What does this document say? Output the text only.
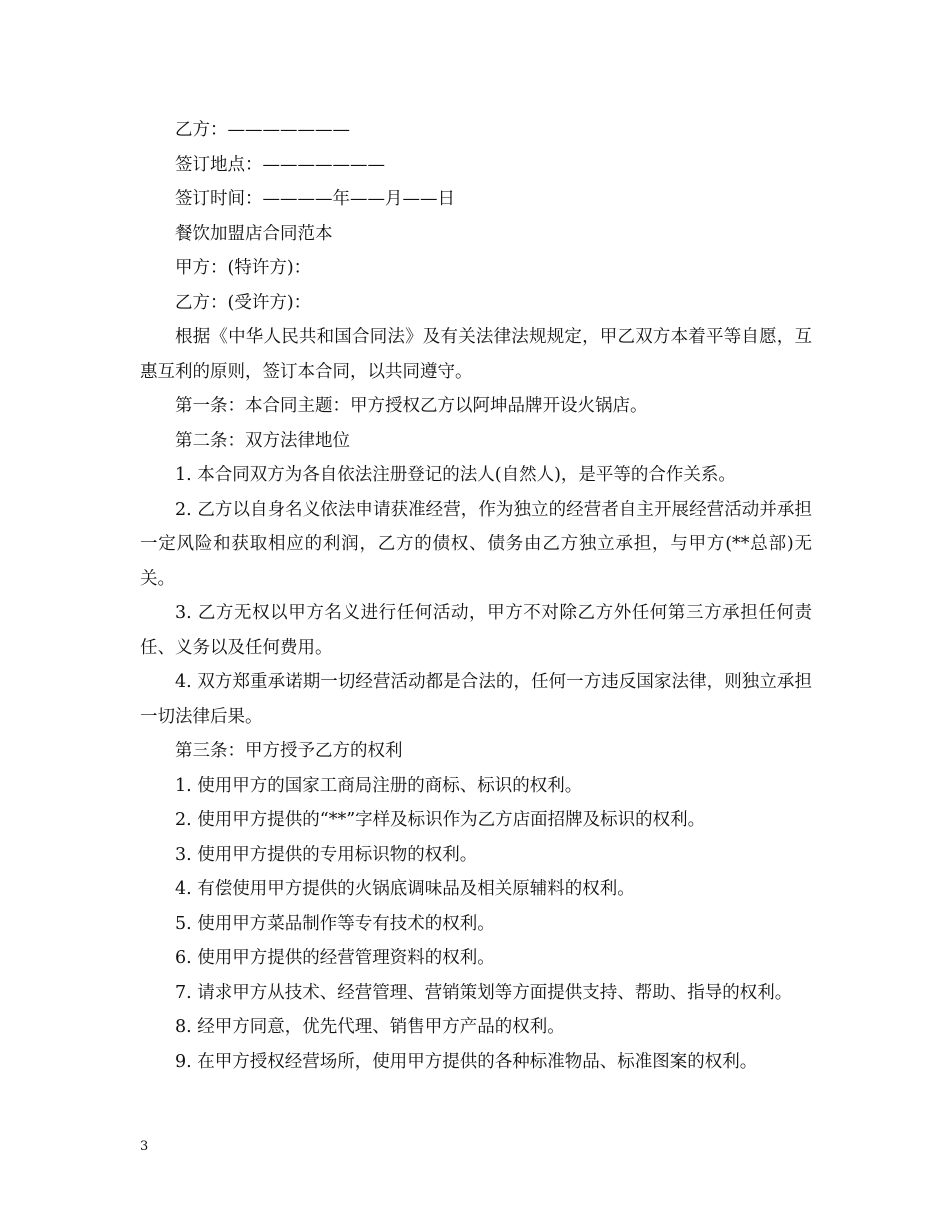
乙方：———————

签订地点：———————

签订时间：————年——月——日

餐饮加盟店合同范本

甲方：(特许方)：

乙方：(受许方)：

根据《中华人民共和国合同法》及有关法律法规规定，甲乙双方本着平等自愿，互惠互利的原则，签订本合同，以共同遵守。

第一条：本合同主题：甲方授权乙方以阿坤品牌开设火锅店。

第二条：双方法律地位

1. 本合同双方为各自依法注册登记的法人(自然人)，是平等的合作关系。

2. 乙方以自身名义依法申请获准经营，作为独立的经营者自主开展经营活动并承担一定风险和获取相应的利润，乙方的债权、债务由乙方独立承担，与甲方(**总部)无关。

3. 乙方无权以甲方名义进行任何活动，甲方不对除乙方外任何第三方承担任何责任、义务以及任何费用。

4. 双方郑重承诺期一切经营活动都是合法的，任何一方违反国家法律，则独立承担一切法律后果。

第三条：甲方授予乙方的权利

1. 使用甲方的国家工商局注册的商标、标识的权利。

2. 使用甲方提供的“**”字样及标识作为乙方店面招牌及标识的权利。

3. 使用甲方提供的专用标识物的权利。

4. 有偿使用甲方提供的火锅底调味品及相关原辅料的权利。

5. 使用甲方菜品制作等专有技术的权利。

6. 使用甲方提供的经营管理资料的权利。

7. 请求甲方从技术、经营管理、营销策划等方面提供支持、帮助、指导的权利。

8. 经甲方同意，优先代理、销售甲方产品的权利。

9. 在甲方授权经营场所，使用甲方提供的各种标准物品、标准图案的权利。

3
